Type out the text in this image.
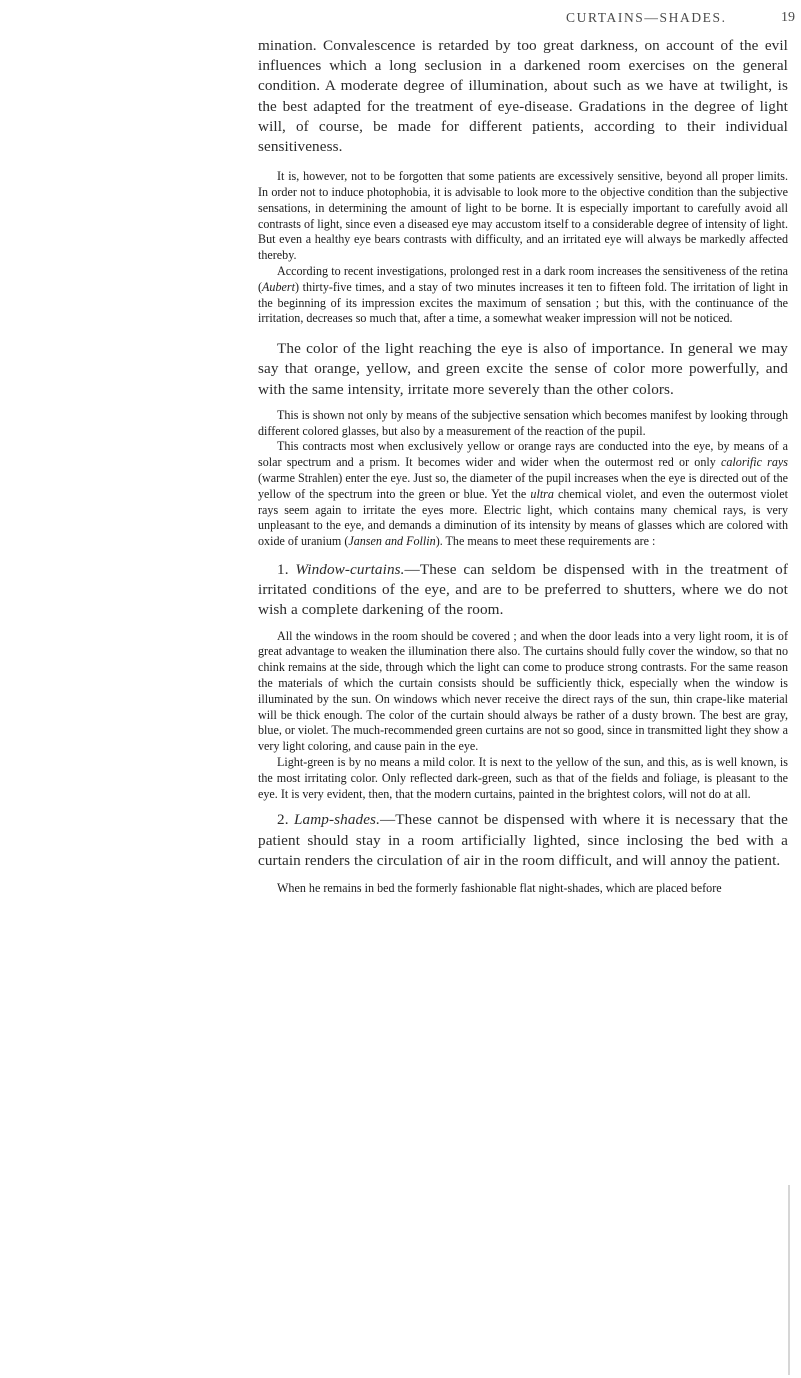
CURTAINS—SHADES.	19

mination. Convalescence is retarded by too great darkness, on account of the evil influences which a long seclusion in a darkened room exercises on the general condition. A moderate degree of illumination, about such as we have at twilight, is the best adapted for the treatment of eye-disease. Gradations in the degree of light will, of course, be made for different patients, according to their individual sensitiveness.

It is, however, not to be forgotten that some patients are excessively sensitive, beyond all proper limits. In order not to induce photophobia, it is advisable to look more to the objective condition than the subjective sensations, in determining the amount of light to be borne. It is especially important to carefully avoid all contrasts of light, since even a diseased eye may accustom itself to a considerable degree of intensity of light. But even a healthy eye bears contrasts with difficulty, and an irritated eye will always be markedly affected thereby.

According to recent investigations, prolonged rest in a dark room increases the sensitiveness of the retina (Aubert) thirty-five times, and a stay of two minutes increases it ten to fifteen fold. The irritation of light in the beginning of its impression excites the maximum of sensation ; but this, with the continuance of the irritation, decreases so much that, after a time, a somewhat weaker impression will not be noticed.

The color of the light reaching the eye is also of importance. In general we may say that orange, yellow, and green excite the sense of color more powerfully, and with the same intensity, irritate more severely than the other colors.

This is shown not only by means of the subjective sensation which becomes manifest by looking through different colored glasses, but also by a measurement of the reaction of the pupil.

This contracts most when exclusively yellow or orange rays are conducted into the eye, by means of a solar spectrum and a prism. It becomes wider and wider when the outermost red or only calorific rays (warme Strahlen) enter the eye. Just so, the diameter of the pupil increases when the eye is directed out of the yellow of the spectrum into the green or blue. Yet the ultra chemical violet, and even the outermost violet rays seem again to irritate the eyes more. Electric light, which contains many chemical rays, is very unpleasant to the eye, and demands a diminution of its intensity by means of glasses which are colored with oxide of uranium (Jansen and Follin). The means to meet these requirements are :

1. Window-curtains.—These can seldom be dispensed with in the treatment of irritated conditions of the eye, and are to be preferred to shutters, where we do not wish a complete darkening of the room.

All the windows in the room should be covered ; and when the door leads into a very light room, it is of great advantage to weaken the illumination there also. The curtains should fully cover the window, so that no chink remains at the side, through which the light can come to produce strong contrasts. For the same reason the materials of which the curtain consists should be sufficiently thick, especially when the window is illuminated by the sun. On windows which never receive the direct rays of the sun, thin crape-like material will be thick enough. The color of the curtain should always be rather of a dusty brown. The best are gray, blue, or violet. The much-recommended green curtains are not so good, since in transmitted light they show a very light coloring, and cause pain in the eye.

Light-green is by no means a mild color. It is next to the yellow of the sun, and this, as is well known, is the most irritating color. Only reflected dark-green, such as that of the fields and foliage, is pleasant to the eye. It is very evident, then, that the modern curtains, painted in the brightest colors, will not do at all.

2. Lamp-shades.—These cannot be dispensed with where it is necessary that the patient should stay in a room artificially lighted, since inclosing the bed with a curtain renders the circulation of air in the room difficult, and will annoy the patient.

When he remains in bed the formerly fashionable flat night-shades, which are placed before
